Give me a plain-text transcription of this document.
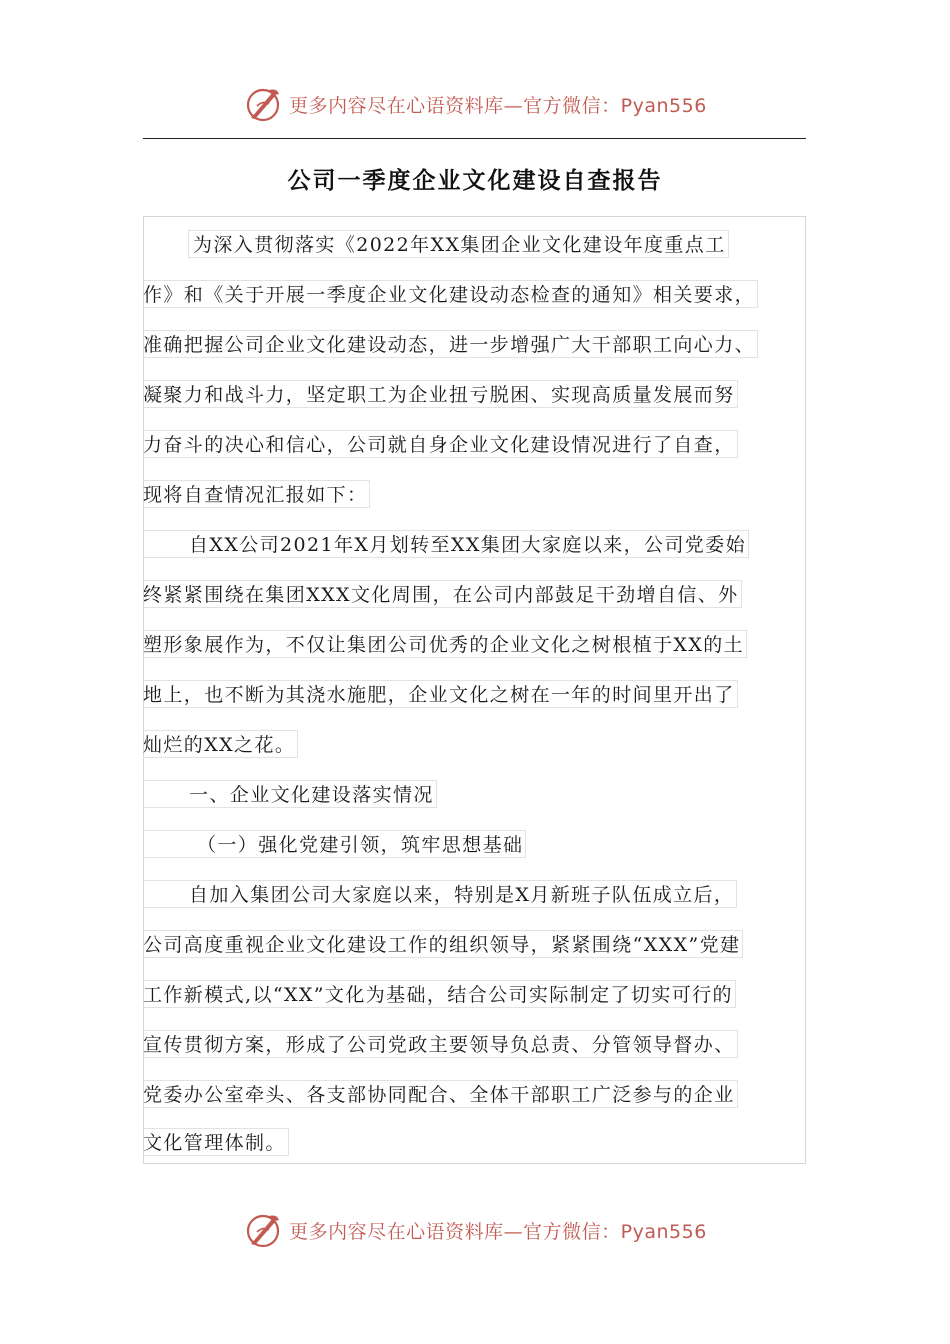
更多内容尽在心语资料库—官方微信：Pyan556
公司一季度企业文化建设自查报告
为深入贯彻落实《2022年XX集团企业文化建设年度重点工
作》和《关于开展一季度企业文化建设动态检查的通知》相关要求，
准确把握公司企业文化建设动态，进一步增强广大干部职工向心力、
凝聚力和战斗力，坚定职工为企业扭亏脱困、实现高质量发展而努
力奋斗的决心和信心，公司就自身企业文化建设情况进行了自查，
现将自查情况汇报如下：
自XX公司2021年X月划转至XX集团大家庭以来，公司党委始
终紧紧围绕在集团XXX文化周围，在公司内部鼓足干劲增自信、外
塑形象展作为，不仅让集团公司优秀的企业文化之树根植于XX的土
地上，也不断为其浇水施肥，企业文化之树在一年的时间里开出了
灿烂的XX之花。
一、企业文化建设落实情况
（一）强化党建引领，筑牢思想基础
自加入集团公司大家庭以来，特别是X月新班子队伍成立后，
公司高度重视企业文化建设工作的组织领导，紧紧围绕“XXX”党建
工作新模式,以“XX”文化为基础，结合公司实际制定了切实可行的
宣传贯彻方案，形成了公司党政主要领导负总责、分管领导督办、
党委办公室牵头、各支部协同配合、全体干部职工广泛参与的企业
文化管理体制。
更多内容尽在心语资料库—官方微信：Pyan556
